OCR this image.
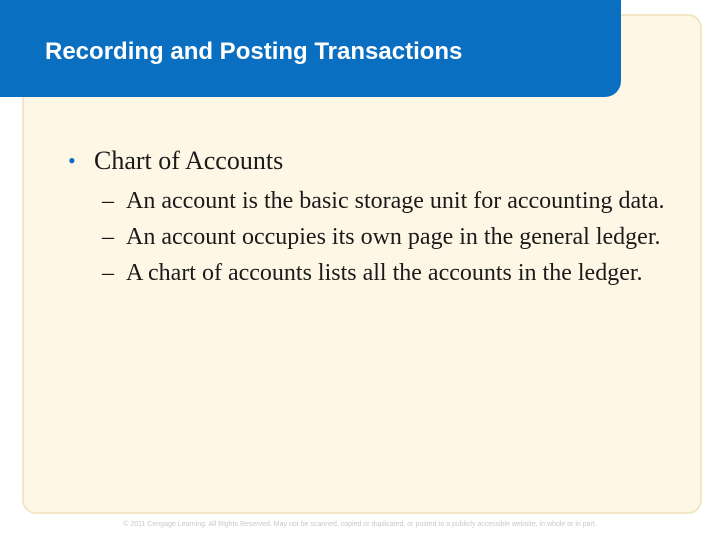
Recording and Posting Transactions
• Chart of Accounts
– An account is the basic storage unit for accounting data.
– An account occupies its own page in the general ledger.
– A chart of accounts lists all the accounts in the ledger.
© 2011 Cengage Learning. All Rights Reserved. May not be scanned, copied or duplicated, or posted to a publicly accessible website, in whole or in part.
